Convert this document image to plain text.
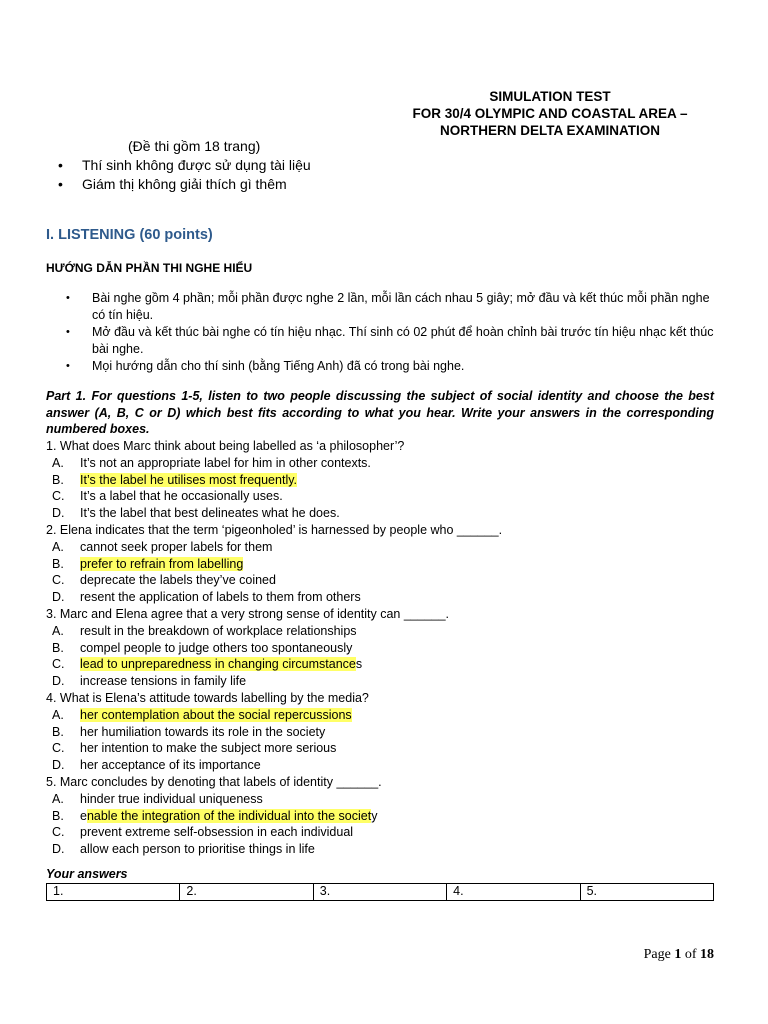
SIMULATION TEST
FOR 30/4 OLYMPIC AND COASTAL AREA –
NORTHERN DELTA EXAMINATION
(Đề thi gồm 18 trang)
• Thí sinh không được sử dụng tài liệu
• Giám thị không giải thích gì thêm
I. LISTENING (60 points)
HƯỚNG DẪN PHẦN THI NGHE HIỂU
• Bài nghe gồm 4 phần; mỗi phần được nghe 2 lần, mỗi lần cách nhau 5 giây; mở đầu và kết thúc mỗi phần nghe có tín hiệu.
• Mở đầu và kết thúc bài nghe có tín hiệu nhạc. Thí sinh có 02 phút để hoàn chỉnh bài trước tín hiệu nhạc kết thúc bài nghe.
• Mọi hướng dẫn cho thí sinh (bằng Tiếng Anh) đã có trong bài nghe.
Part 1. For questions 1-5, listen to two people discussing the subject of social identity and choose the best answer (A, B, C or D) which best fits according to what you hear. Write your answers in the corresponding numbered boxes.
1. What does Marc think about being labelled as ‘a philosopher’?
A. It’s not an appropriate label for him in other contexts.
B. It’s the label he utilises most frequently.
C. It’s a label that he occasionally uses.
D. It’s the label that best delineates what he does.
2. Elena indicates that the term ‘pigeonholed’ is harnessed by people who ______.
A. cannot seek proper labels for them
B. prefer to refrain from labelling
C. deprecate the labels they’ve coined
D. resent the application of labels to them from others
3. Marc and Elena agree that a very strong sense of identity can ______.
A. result in the breakdown of workplace relationships
B. compel people to judge others too spontaneously
C. lead to unpreparedness in changing circumstances
D. increase tensions in family life
4. What is Elena’s attitude towards labelling by the media?
A. her contemplation about the social repercussions
B. her humiliation towards its role in the society
C. her intention to make the subject more serious
D. her acceptance of its importance
5. Marc concludes by denoting that labels of identity ______.
A. hinder true individual uniqueness
B. enable the integration of the individual into the society
C. prevent extreme self-obsession in each individual
D. allow each person to prioritise things in life
Your answers
1.	2.	3.	4.	5.
Page 1 of 18
